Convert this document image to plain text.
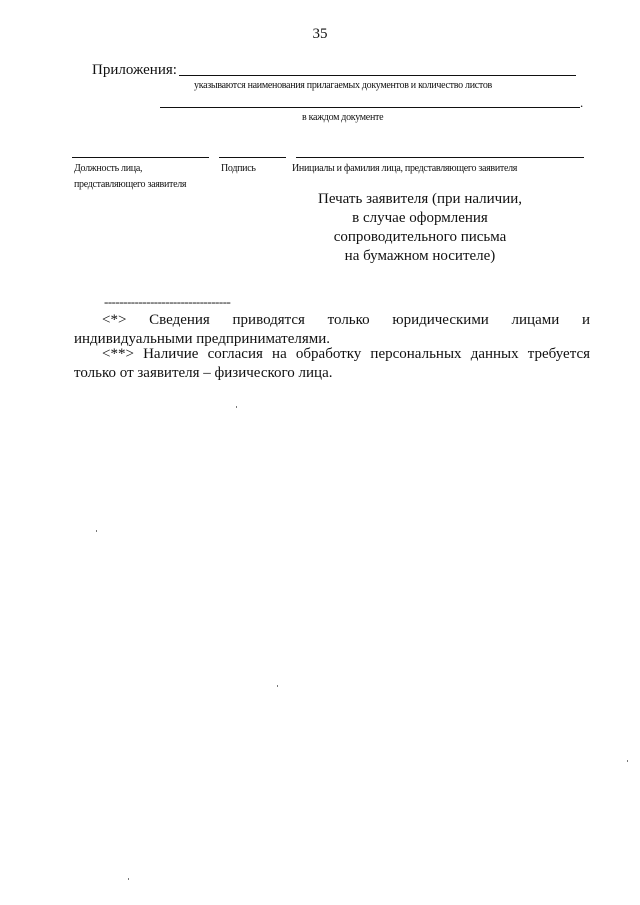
35
Приложения:
указываются наименования прилагаемых документов и количество листов
.
в каждом документе
Должность лица,
представляющего заявителя
Подпись	Инициалы и фамилия лица, представляющего заявителя
Печать заявителя (при наличии,
в случае оформления
сопроводительного письма
на бумажном носителе)
---------------------------------
<*> Сведения приводятся только юридическими лицами и
индивидуальными предпринимателями.
<**> Наличие согласия на обработку персональных данных требуется
только от заявителя – физического лица.
